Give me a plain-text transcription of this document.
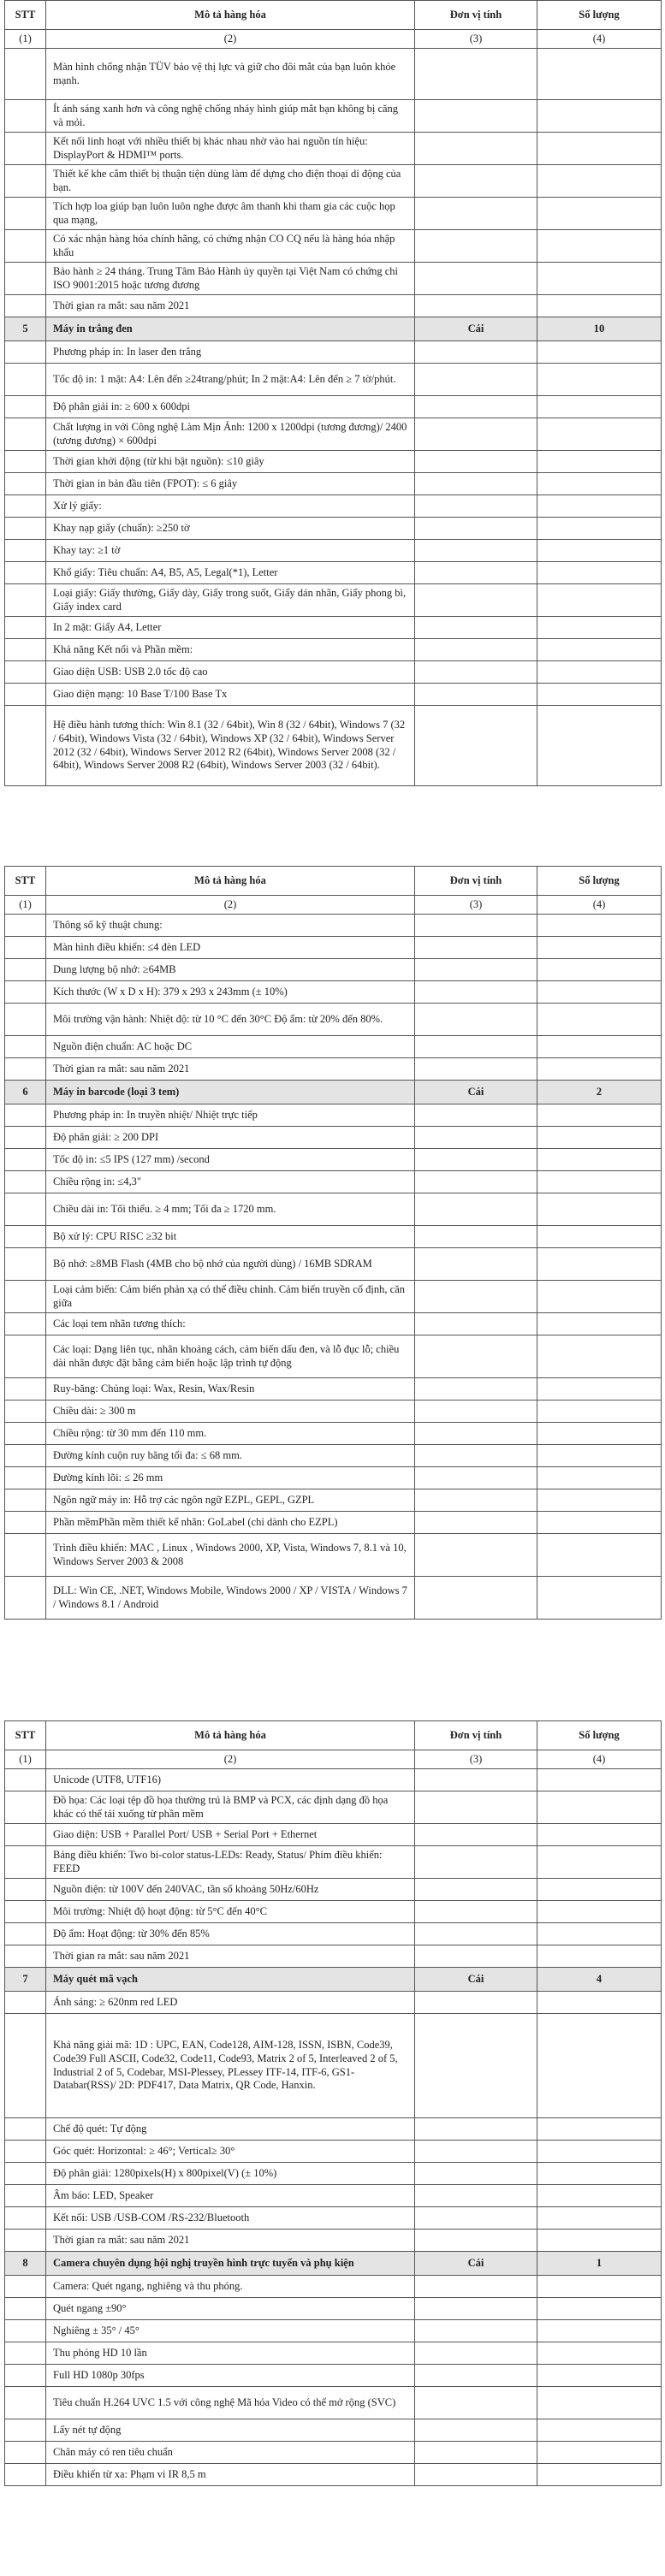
STT	Mô tả hàng hóa	Đơn vị tính	Số lượng
(1)	(2)	(3)	(4)
	Màn hình chống nhận TÜV bảo vệ thị lực và giữ cho đôi mắt của bạn luôn khỏe mạnh.		
	Ít ánh sáng xanh hơn và công nghệ chống nháy hình giúp mắt bạn không bị căng và mỏi.		
	Kết nối linh hoạt với nhiều thiết bị khác nhau nhờ vào hai nguồn tín hiệu: DisplayPort & HDMI™ ports.		
	Thiết kế khe cắm thiết bị thuận tiện dùng làm để dựng cho điện thoại di động của bạn.		
	Tích hợp loa giúp bạn luôn luôn nghe được âm thanh khi tham gia các cuộc họp qua mạng,		
	Có xác nhận hàng hóa chính hãng, có chứng nhận CO CQ nếu là hàng hóa nhập khẩu		
	Bảo hành ≥ 24 tháng. Trung Tâm Bảo Hành ủy quyền tại Việt Nam có chứng chỉ ISO 9001:2015 hoặc tương đương		
	Thời gian ra mắt: sau năm 2021		
5	Máy in trắng đen	Cái	10
	Phương pháp in: In laser đen trắng		
	Tốc độ in: 1 mặt: A4: Lên đến ≥24trang/phút; In 2 mặt:A4: Lên đến ≥ 7 tờ/phút.		
	Độ phân giải in: ≥ 600 x 600dpi		
	Chất lượng in với Công nghệ Làm Mịn Ảnh: 1200 x 1200dpi (tương đương)/ 2400 (tương đương) × 600dpi		
	Thời gian khởi động (từ khi bật nguồn): ≤10 giây		
	Thời gian in bản đầu tiên (FPOT): ≤ 6 giây		
	Xử lý giấy:		
	Khay nạp giấy (chuẩn): ≥250 tờ		
	Khay tay: ≥1 tờ		
	Khổ giấy: Tiêu chuẩn: A4, B5, A5, Legal(*1), Letter		
	Loại giấy: Giấy thường, Giấy dày, Giấy trong suốt, Giấy dán nhãn, Giấy phong bì, Giấy index card		
	In 2 mặt: Giấy A4, Letter		
	Khả năng Kết nối và Phần mềm:		
	Giao diện USB: USB 2.0 tốc độ cao		
	Giao diện mạng: 10 Base T/100 Base Tx		
	Hệ điều hành tương thích: Win 8.1 (32 / 64bit), Win 8 (32 / 64bit), Windows 7 (32 / 64bit), Windows Vista (32 / 64bit), Windows XP (32 / 64bit), Windows Server 2012 (32 / 64bit), Windows Server 2012 R2 (64bit), Windows Server 2008 (32 / 64bit), Windows Server 2008 R2 (64bit), Windows Server 2003 (32 / 64bit).		
STT	Mô tả hàng hóa	Đơn vị tính	Số lượng
(1)	(2)	(3)	(4)
	Thông số kỹ thuật chung:		
	Màn hình điều khiển: ≤4 đèn LED		
	Dung lượng bộ nhớ: ≥64MB		
	Kích thước (W x D x H): 379 x 293 x 243mm (± 10%)		
	Môi trường vận hành: Nhiệt độ: từ 10 °C đến 30°C Độ ẩm: từ 20% đến 80%.		
	Nguồn điện chuẩn: AC hoặc DC		
	Thời gian ra mắt: sau năm 2021		
6	Máy in barcode (loại 3 tem)	Cái	2
	Phương pháp in: In truyền nhiệt/ Nhiệt trực tiếp		
	Độ phân giải: ≥ 200 DPI		
	Tốc độ in: ≤5 IPS (127 mm) /second		
	Chiều rộng in: ≤4,3"		
	Chiều dài in: Tối thiểu. ≥ 4 mm; Tối đa ≥ 1720 mm.		
	Bộ xử lý: CPU RISC ≥32 bit		
	Bộ nhớ: ≥8MB Flash (4MB cho bộ nhớ của người dùng) / 16MB SDRAM		
	Loại cảm biến: Cảm biến phản xạ có thể điều chỉnh. Cảm biến truyền cố định, căn giữa		
	Các loại tem nhãn tương thích:		
	Các loại: Dạng liên tục, nhãn khoảng cách, cảm biến dấu đen, và lỗ đục lỗ; chiều dài nhãn được đặt bằng cảm biến hoặc lập trình tự động		
	Ruy-băng: Chủng loại: Wax, Resin, Wax/Resin		
	Chiều dài: ≥ 300 m		
	Chiều rộng: từ 30 mm đến 110 mm.		
	Đường kính cuộn ruy băng tối đa: ≤ 68 mm.		
	Đường kính lõi: ≤ 26 mm		
	Ngôn ngữ máy in: Hỗ trợ các ngôn ngữ EZPL, GEPL, GZPL		
	Phần mềmPhần mềm thiết kế nhãn: GoLabel (chỉ dành cho EZPL)		
	Trình điều khiển: MAC , Linux , Windows 2000, XP, Vista, Windows 7, 8.1 và 10, Windows Server 2003 & 2008		
	DLL: Win CE, .NET, Windows Mobile, Windows 2000 / XP / VISTA / Windows 7 / Windows 8.1 / Android		
STT	Mô tả hàng hóa	Đơn vị tính	Số lượng
(1)	(2)	(3)	(4)
	Unicode (UTF8, UTF16)		
	Đồ họa: Các loại tệp đồ họa thường trú là BMP và PCX, các định dạng đồ họa khác có thể tải xuống từ phần mềm		
	Giao diện: USB + Parallel Port/ USB + Serial Port + Ethernet		
	Bảng điều khiển: Two bi-color status-LEDs: Ready, Status/ Phím điều khiển: FEED		
	Nguồn điện: từ 100V đến 240VAC, tần số khoảng 50Hz/60Hz		
	Môi trường: Nhiệt độ hoạt động: từ 5°C đến 40°C		
	Độ ẩm: Hoạt động: từ 30% đến 85%		
	Thời gian ra mắt: sau năm 2021		
7	Máy quét mã vạch	Cái	4
	Ánh sáng: ≥ 620nm red LED		
	Khả năng giải mã: 1D : UPC, EAN, Code128, AIM-128, ISSN, ISBN, Code39, Code39 Full ASCII, Code32, Code11, Code93, Matrix 2 of 5, Interleaved 2 of 5, Industrial 2 of 5, Codebar, MSI-Plessey, PLessey ITF-14, ITF-6, GS1-Databar(RSS)/ 2D: PDF417, Data Matrix, QR Code, Hanxin.		
	Chế độ quét: Tự động		
	Góc quét: Horizontal: ≥ 46°; Vertical≥ 30°		
	Độ phân giải: 1280pixels(H) x 800pixel(V) (± 10%)		
	Âm báo: LED, Speaker		
	Kết nối: USB /USB-COM /RS-232/Bluetooth		
	Thời gian ra mắt: sau năm 2021		
8	Camera chuyên dụng hội nghị truyền hình trực tuyến và phụ kiện	Cái	1
	Camera: Quét ngang, nghiêng và thu phóng.		
	Quét ngang ±90°		
	Nghiêng ± 35° / 45°		
	Thu phóng HD 10 lần		
	Full HD 1080p 30fps		
	Tiêu chuẩn H.264 UVC 1.5 với công nghệ Mã hóa Video có thể mở rộng (SVC)		
	Lấy nét tự động		
	Chân máy có ren tiêu chuẩn		
	Điều khiển từ xa: Phạm vi IR 8,5 m		
